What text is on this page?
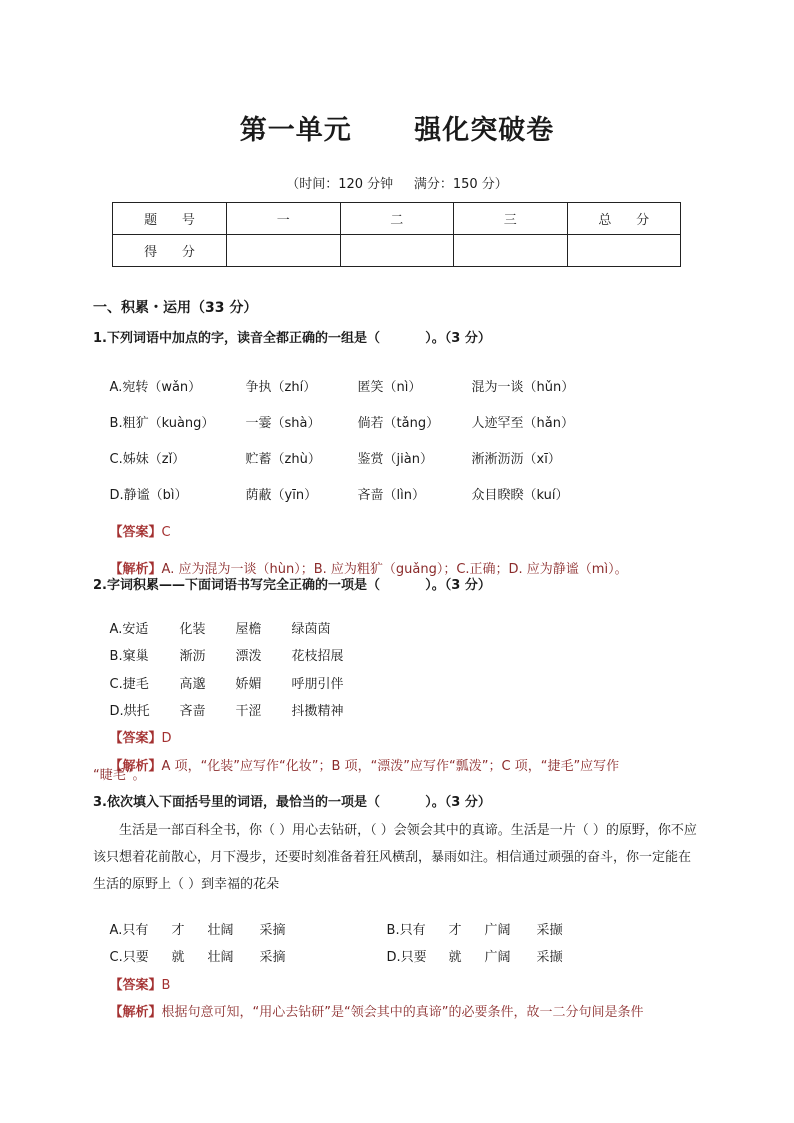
第一单元      强化突破卷
（时间：120 分钟     满分：150 分）
题      号	一	二	三	总      分
得      分				
一、积累・运用（33 分）
1.下列词语中加点的字，读音全都正确的一组是（          ）。（3 分）

A.宛转（wǎn）	争执（zhí）	匿笑（nì）	混为一谈（hǔn）

B.粗犷（kuàng） 一霎（shà）	倘若（tǎng） 人迹罕至（hǎn）

C.姊妹（zǐ）	贮蓄（zhù）	鉴赏（jiàn）	淅淅沥沥（xī）

D.静谧（bì）	荫蔽（yīn）	吝啬（lìn）	众目睽睽（kuí）

【答案】C

【解析】A. 应为混为一谈（hùn）；B. 应为粗犷（guǎng）；C.正确；D. 应为静谧（mì）。

2.字词积累——下面词语书写完全正确的一项是（          ）。（3 分）

A.安适 化装 屋檐 绿茵茵

B.窠巢 渐沥 漂泼 花枝招展

C.捷毛 高邈 娇媚 呼朋引伴

D.烘托 吝啬 干涩 抖擞精神

【答案】D

【解析】A 项，“化装”应写作“化妆”；B 项，“漂泼”应写作“瓢泼”；C 项，“捷毛”应写作

“睫毛”。
3.依次填入下面括号里的词语，最恰当的一项是（          ）。（3 分）
生活是一部百科全书，你（ ）用心去钻研，（ ）会领会其中的真谛。生活是一片（ ）的原野，你不应该只想着花前散心，月下漫步，还要时刻准备着狂风横刮，暴雨如注。相信通过顽强的奋斗，你一定能在生活的原野上（ ）到幸福的花朵

A.只有 才 壮阔 采摘
	B.只有 才 广阔 采撷

C.只要 就 壮阔 采摘
	D.只要 就 广阔 采撷

【答案】B

【解析】根据句意可知，“用心去钻研”是“领会其中的真谛”的必要条件，故一二分句间是条件
